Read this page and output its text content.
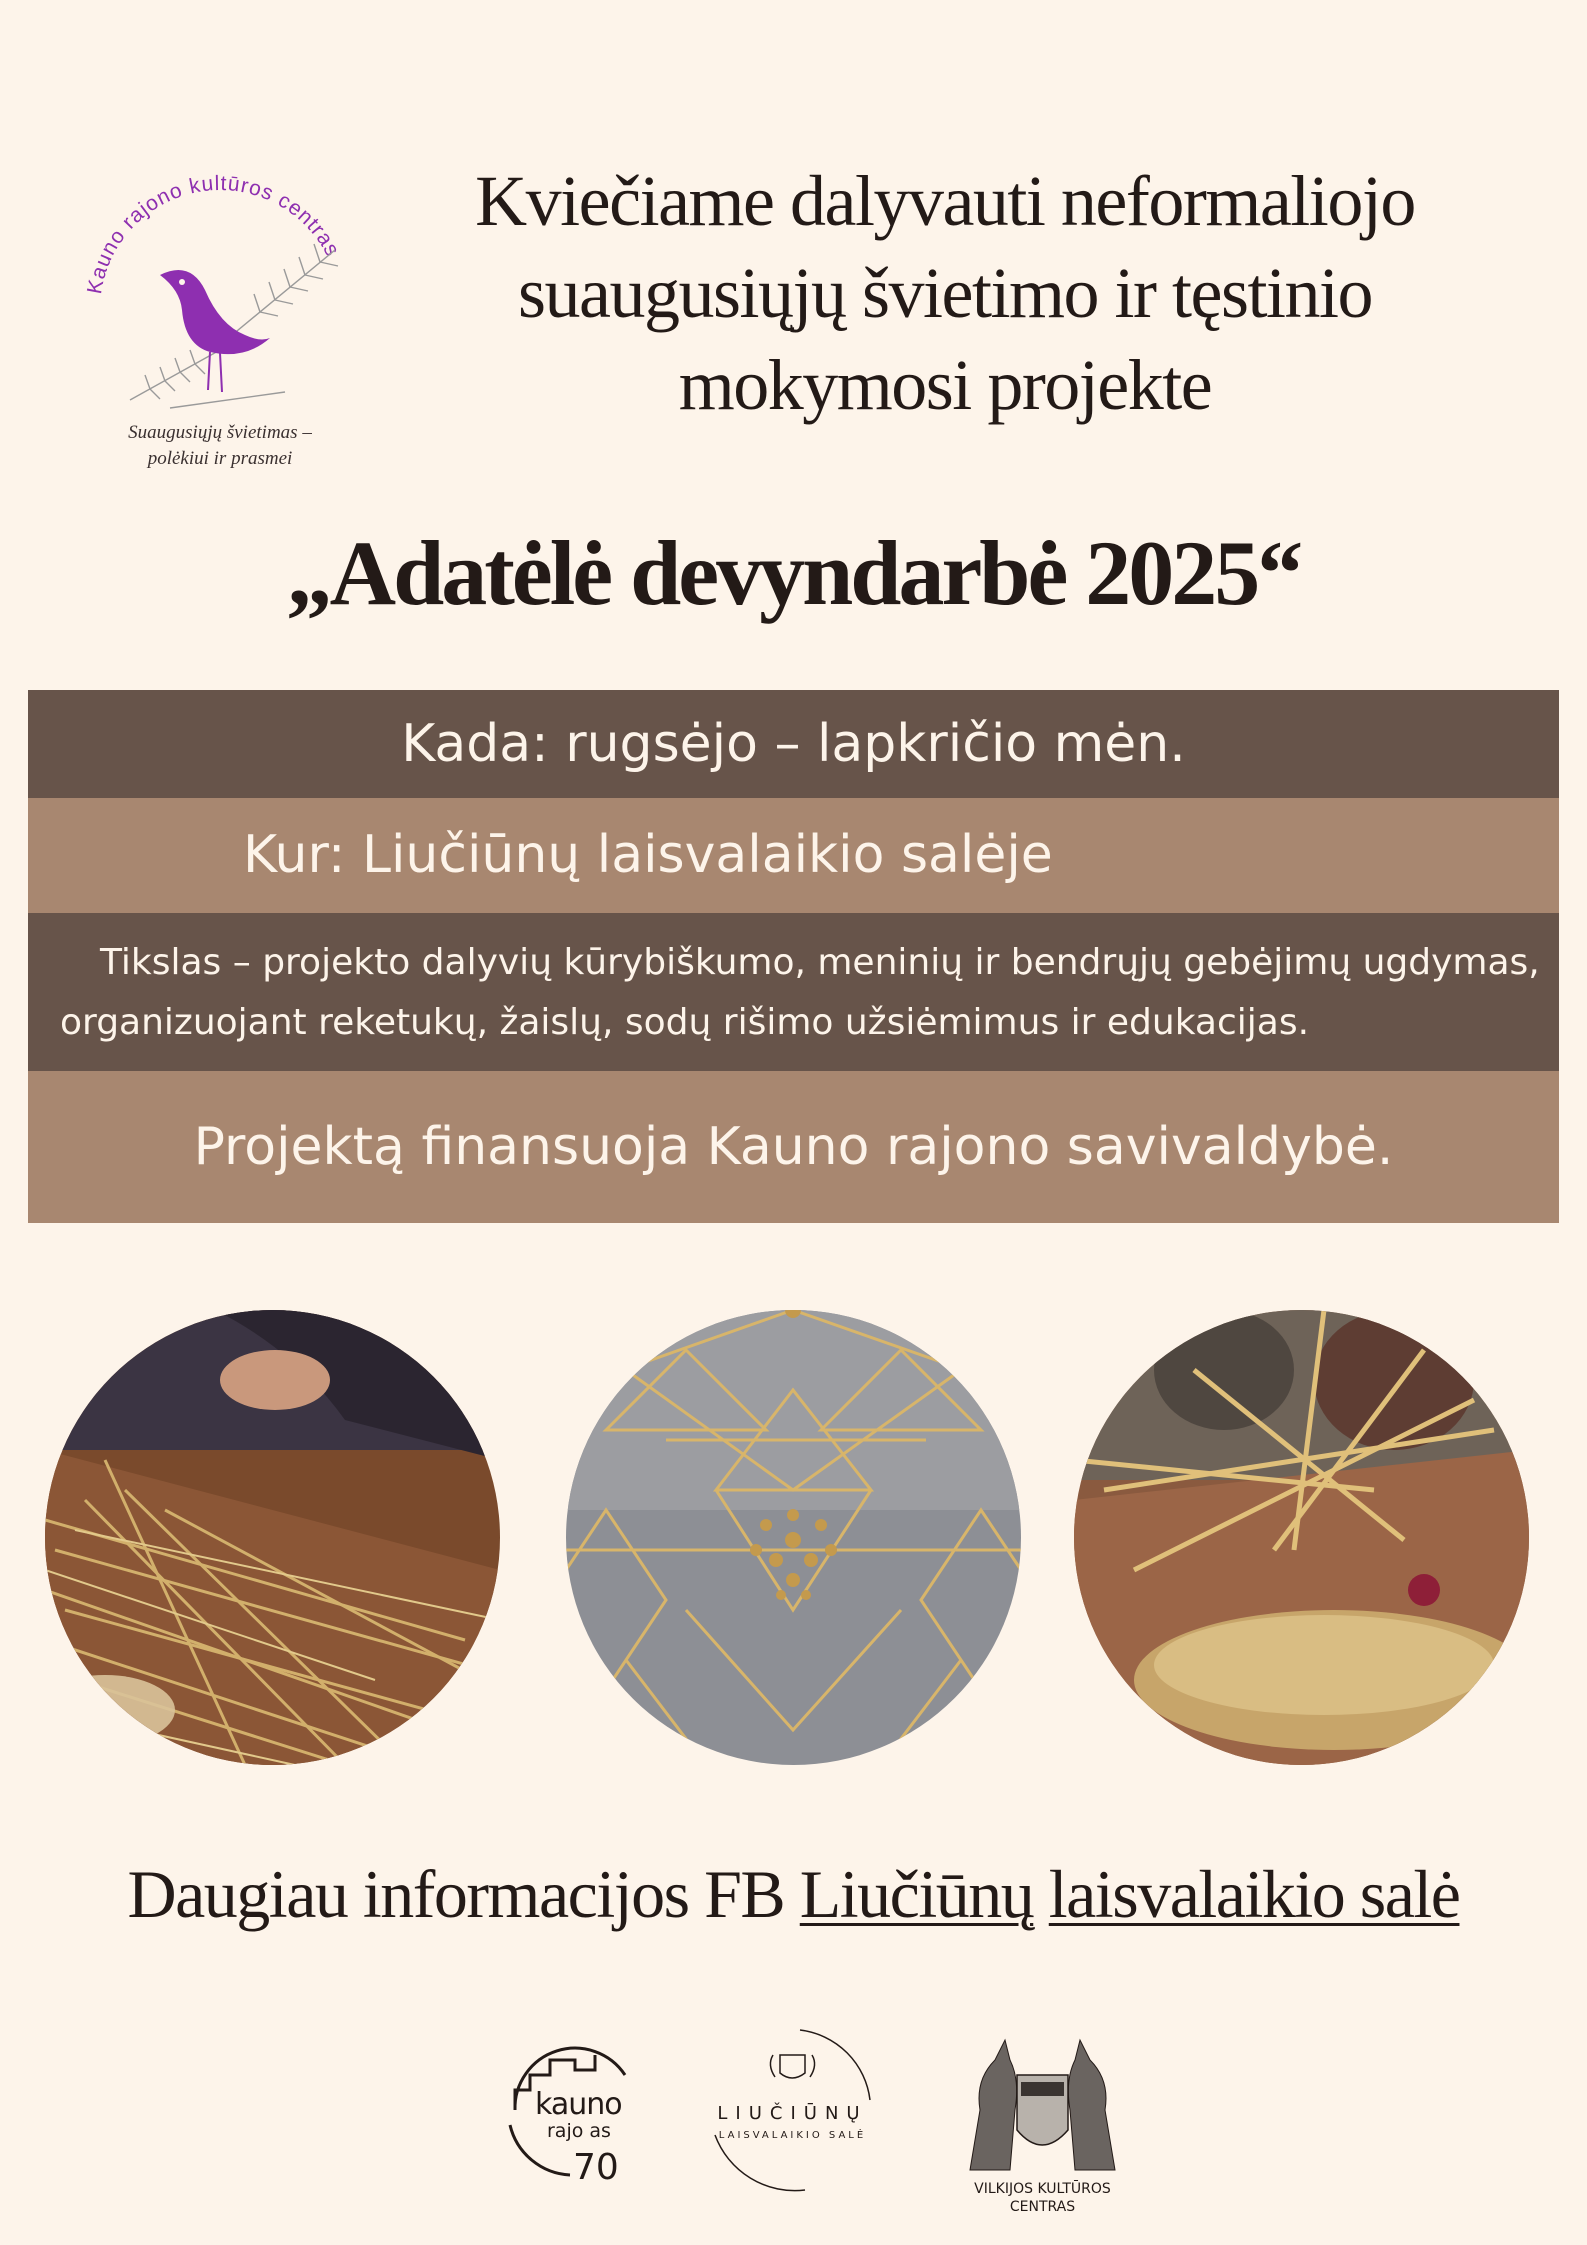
Kauno rajono kultūros centras
Suaugusiųjų švietimas –
polėkiui ir prasmei
Kviečiame dalyvauti neformaliojo
suaugusiųjų švietimo ir tęstinio
mokymosi projekte
„Adatėlė devyndarbė 2025“
Kada: rugsėjo – lapkričio mėn.
Kur: Liučiūnų laisvalaikio salėje
Tikslas – projekto dalyvių kūrybiškumo, meninių ir bendrųjų gebėjimų ugdymas,
organizuojant reketukų, žaislų, sodų rišimo užsiėmimus ir edukacijas.
Projektą finansuoja Kauno rajono savivaldybė.
Daugiau informacijos FB Liučiūnų laisvalaikio salė
kauno
rajo as
70
LIUČIŪNŲ
LAISVALAIKIO SALĖ
VILKIJOS KULTŪROS
CENTRAS
